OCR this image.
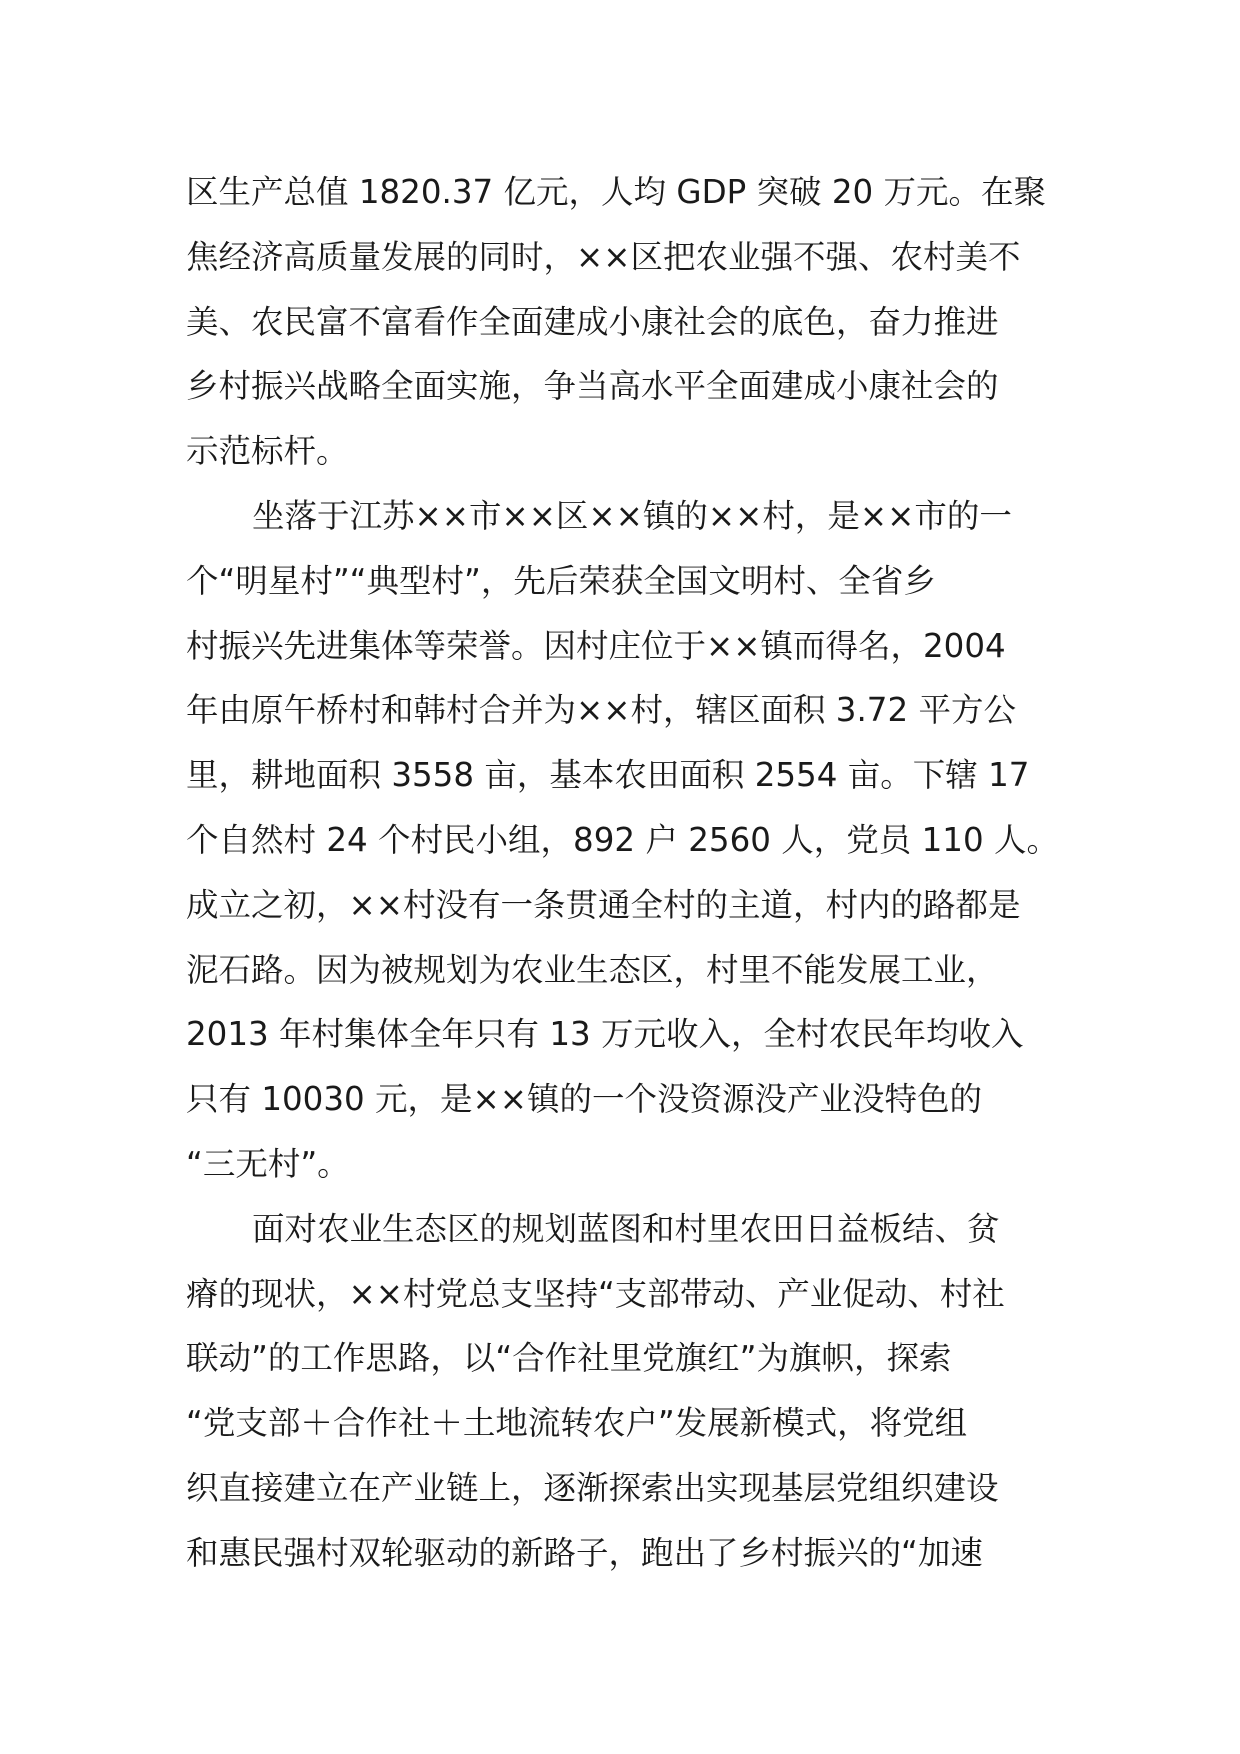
区生产总值 1820.37 亿元，人均 GDP 突破 20 万元。在聚
焦经济高质量发展的同时，××区把农业强不强、农村美不
美、农民富不富看作全面建成小康社会的底色，奋力推进
乡村振兴战略全面实施，争当高水平全面建成小康社会的
示范标杆。
坐落于江苏××市××区××镇的××村，是××市的一
个“明星村”“典型村”，先后荣获全国文明村、全省乡
村振兴先进集体等荣誉。因村庄位于××镇而得名，2004
年由原午桥村和韩村合并为××村，辖区面积 3.72 平方公
里，耕地面积 3558 亩，基本农田面积 2554 亩。下辖 17
个自然村 24 个村民小组，892 户 2560 人，党员 110 人。
成立之初，××村没有一条贯通全村的主道，村内的路都是
泥石路。因为被规划为农业生态区，村里不能发展工业，
2013 年村集体全年只有 13 万元收入，全村农民年均收入
只有 10030 元，是××镇的一个没资源没产业没特色的
“三无村”。
面对农业生态区的规划蓝图和村里农田日益板结、贫
瘠的现状，××村党总支坚持“支部带动、产业促动、村社
联动”的工作思路，以“合作社里党旗红”为旗帜，探索
“党支部＋合作社＋土地流转农户”发展新模式，将党组
织直接建立在产业链上，逐渐探索出实现基层党组织建设
和惠民强村双轮驱动的新路子，跑出了乡村振兴的“加速
